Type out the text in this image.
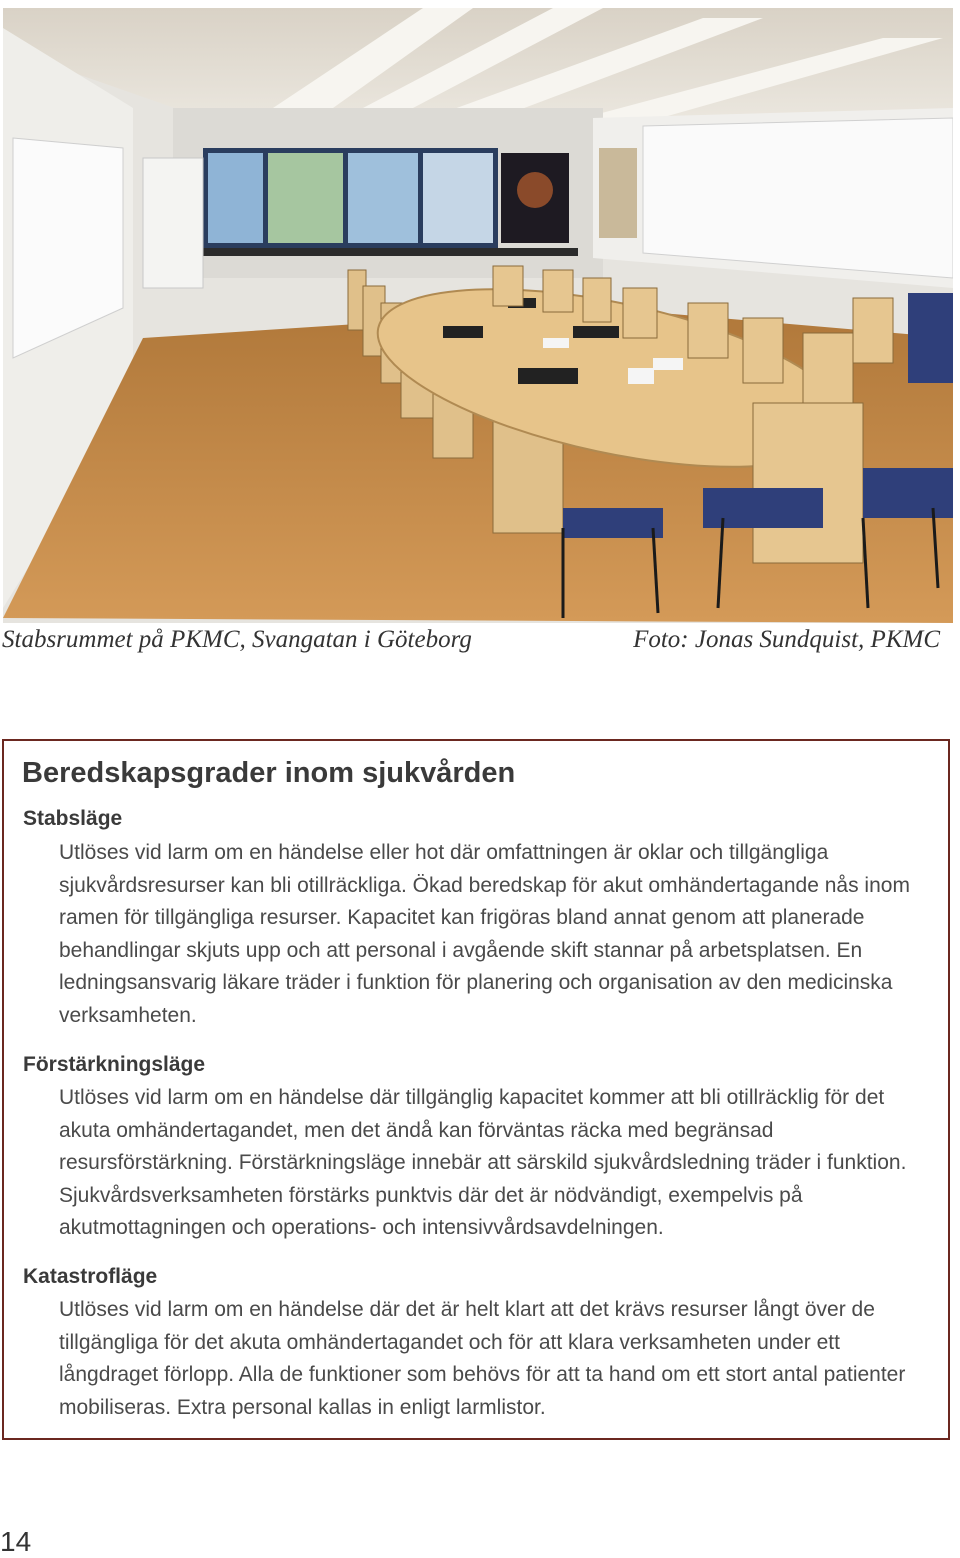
Stabsrummet på PKMC, Svangatan i Göteborg	Foto: Jonas Sundquist, PKMC
Beredskapsgrader inom sjukvården
Stabsläge
Utlöses vid larm om en händelse eller hot där omfattningen är oklar och tillgängliga sjukvårdsresurser kan bli otillräckliga. Ökad beredskap för akut omhändertagande nås inom ramen för tillgängliga resurser. Kapacitet kan frigöras bland annat genom att planerade behandlingar skjuts upp och att personal i avgående skift stannar på arbetsplatsen. En ledningsansvarig läkare träder i funktion för planering och organisation av den medicinska verksamheten.
Förstärkningsläge
Utlöses vid larm om en händelse där tillgänglig kapacitet kommer att bli otillräcklig för det akuta omhändertagandet, men det ändå kan förväntas räcka med begränsad resursförstärkning. Förstärkningsläge innebär att särskild sjukvårdsledning träder i funktion. Sjukvårdsverksamheten förstärks punktvis där det är nödvändigt, exempelvis på akutmottagningen och operations- och intensivvårdsavdelningen.
Katastrofläge
Utlöses vid larm om en händelse där det är helt klart att det krävs resurser långt över de tillgängliga för det akuta omhändertagandet och för att klara verksamheten under ett långdraget förlopp. Alla de funktioner som behövs för att ta hand om ett stort antal patienter mobiliseras. Extra personal kallas in enligt larmlistor.
14
